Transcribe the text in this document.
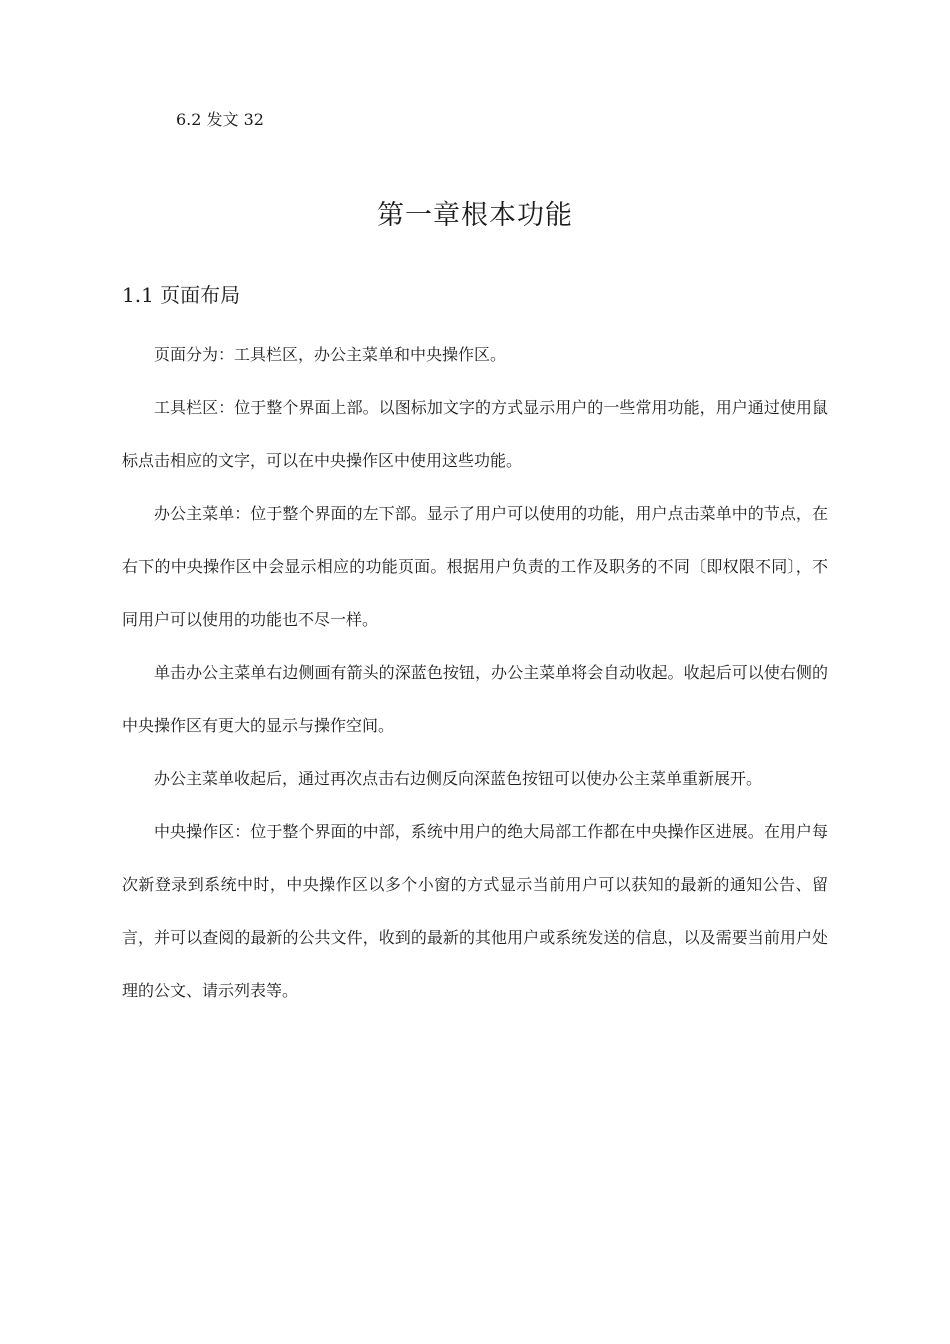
6.2 发文 32
第一章根本功能
1.1 页面布局

页面分为：工具栏区，办公主菜单和中央操作区。

工具栏区：位于整个界面上部。以图标加文字的方式显示用户的一些常用功能，用户通过使用鼠标点击相应的文字，可以在中央操作区中使用这些功能。

办公主菜单：位于整个界面的左下部。显示了用户可以使用的功能，用户点击菜单中的节点，在右下的中央操作区中会显示相应的功能页面。根据用户负责的工作及职务的不同〔即权限不同〕，不同用户可以使用的功能也不尽一样。

单击办公主菜单右边侧画有箭头的深蓝色按钮，办公主菜单将会自动收起。收起后可以使右侧的中央操作区有更大的显示与操作空间。

办公主菜单收起后，通过再次点击右边侧反向深蓝色按钮可以使办公主菜单重新展开。

中央操作区：位于整个界面的中部，系统中用户的绝大局部工作都在中央操作区进展。在用户每次新登录到系统中时，中央操作区以多个小窗的方式显示当前用户可以获知的最新的通知公告、留言，并可以查阅的最新的公共文件，收到的最新的其他用户或系统发送的信息，以及需要当前用户处理的公文、请示列表等。
